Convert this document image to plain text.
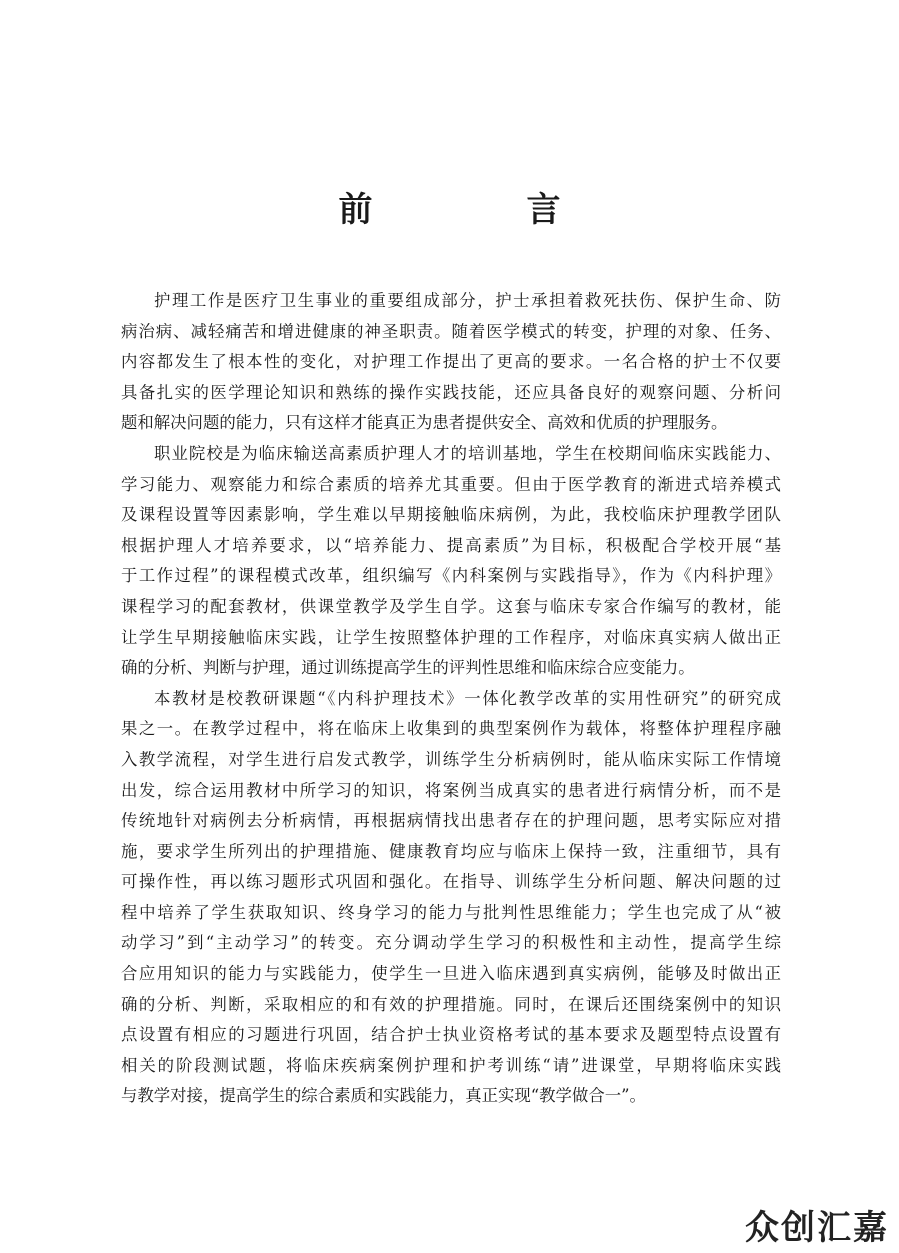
前　言

护理工作是医疗卫生事业的重要组成部分，护士承担着救死扶伤、保护生命、防
病治病、减轻痛苦和增进健康的神圣职责。随着医学模式的转变，护理的对象、任务、
内容都发生了根本性的变化，对护理工作提出了更高的要求。一名合格的护士不仅要
具备扎实的医学理论知识和熟练的操作实践技能，还应具备良好的观察问题、分析问
题和解决问题的能力，只有这样才能真正为患者提供安全、高效和优质的护理服务。

职业院校是为临床输送高素质护理人才的培训基地，学生在校期间临床实践能力、
学习能力、观察能力和综合素质的培养尤其重要。但由于医学教育的渐进式培养模式
及课程设置等因素影响，学生难以早期接触临床病例，为此，我校临床护理教学团队
根据护理人才培养要求，以“培养能力、提高素质”为目标，积极配合学校开展“基
于工作过程”的课程模式改革，组织编写《内科案例与实践指导》，作为《内科护理》
课程学习的配套教材，供课堂教学及学生自学。这套与临床专家合作编写的教材，能
让学生早期接触临床实践，让学生按照整体护理的工作程序，对临床真实病人做出正
确的分析、判断与护理，通过训练提高学生的评判性思维和临床综合应变能力。

本教材是校教研课题“《内科护理技术》一体化教学改革的实用性研究”的研究成
果之一。在教学过程中，将在临床上收集到的典型案例作为载体，将整体护理程序融
入教学流程，对学生进行启发式教学，训练学生分析病例时，能从临床实际工作情境
出发，综合运用教材中所学习的知识，将案例当成真实的患者进行病情分析，而不是
传统地针对病例去分析病情，再根据病情找出患者存在的护理问题，思考实际应对措
施，要求学生所列出的护理措施、健康教育均应与临床上保持一致，注重细节，具有
可操作性，再以练习题形式巩固和强化。在指导、训练学生分析问题、解决问题的过
程中培养了学生获取知识、终身学习的能力与批判性思维能力；学生也完成了从“被
动学习”到“主动学习”的转变。充分调动学生学习的积极性和主动性，提高学生综
合应用知识的能力与实践能力，使学生一旦进入临床遇到真实病例，能够及时做出正
确的分析、判断，采取相应的和有效的护理措施。同时，在课后还围绕案例中的知识
点设置有相应的习题进行巩固，结合护士执业资格考试的基本要求及题型特点设置有
相关的阶段测试题，将临床疾病案例护理和护考训练“请”进课堂，早期将临床实践
与教学对接，提高学生的综合素质和实践能力，真正实现“教学做合一”。

众创汇嘉
